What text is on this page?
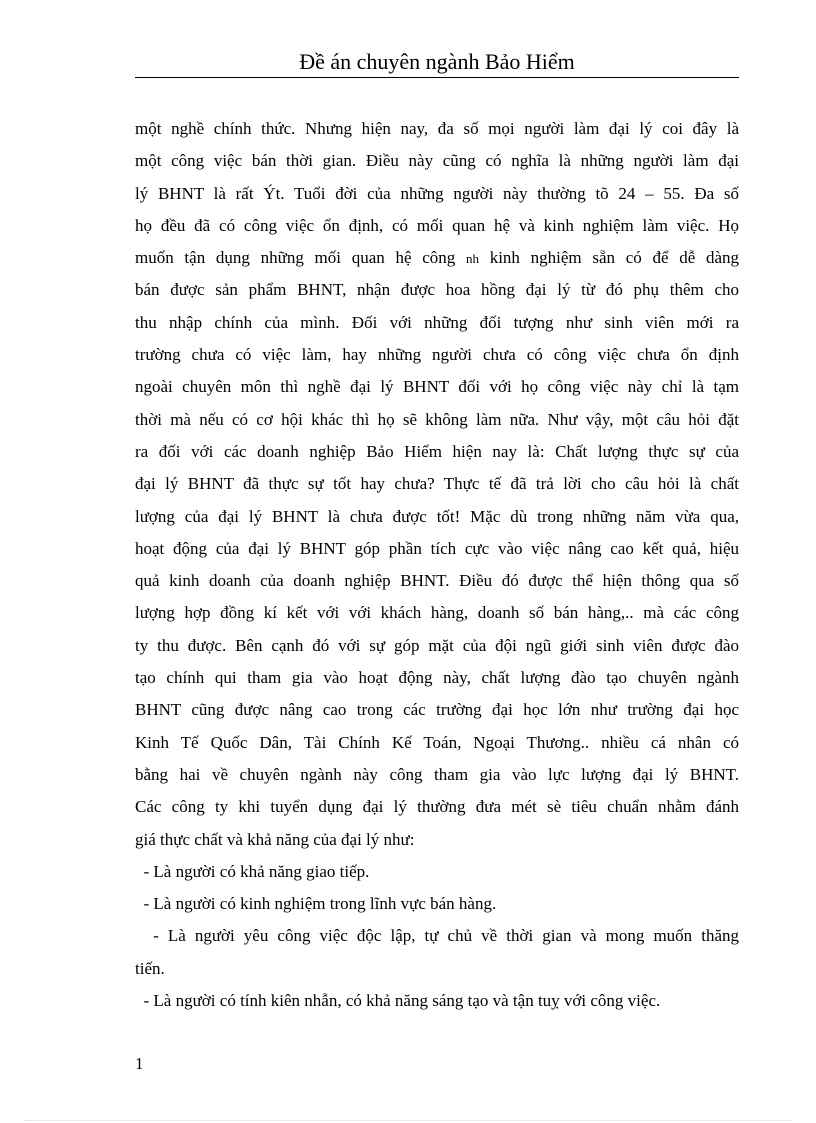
Đề án chuyên ngành Bảo Hiểm
một nghề chính thức. Nhưng hiện nay, đa số mọi người làm đại lý coi đây là
một công việc bán thời gian. Điều này cũng có nghĩa là những người làm đại
lý BHNT là rất Ýt. Tuổi đời của những người này thường tõ 24 – 55. Đa số
họ đều đã có công việc ổn định, có mối quan hệ và kinh nghiệm làm việc. Họ
muốn tận dụng những mối quan hệ công nh kinh nghiệm sẵn có để dễ dàng
bán được sản phẩm BHNT, nhận được hoa hồng đại lý từ đó phụ thêm cho
thu nhập chính của mình. Đối với những đối tượng như sinh viên mới ra
trường chưa có việc làm, hay những người chưa có công việc chưa ổn định
ngoài chuyên môn thì nghề đại lý BHNT đối với họ công việc này chỉ là tạm
thời mà nếu có cơ hội khác thì họ sẽ không làm nữa. Như vậy, một câu hỏi đặt
ra đối với các doanh nghiệp Bảo Hiểm hiện nay là: Chất lượng thực sự của
đại lý BHNT đã thực sự tốt hay chưa? Thực tế đã trả lời cho câu hỏi là chất
lượng của đại lý BHNT là chưa được tốt! Mặc dù trong những năm vừa qua,
hoạt động của đại lý BHNT góp phần tích cực vào việc nâng cao kết quả, hiệu
quả kinh doanh của doanh nghiệp BHNT. Điều đó được thể hiện thông qua số
lượng hợp đồng kí kết với với khách hàng, doanh số bán hàng,.. mà các công
ty thu được. Bên cạnh đó với sự góp mặt của đội ngũ giới sinh viên được đào
tạo chính qui tham gia vào hoạt động này, chất lượng đào tạo chuyên ngành
BHNT cũng được nâng cao trong các trường đại học lớn như trường đại học
Kinh Tế Quốc Dân, Tài Chính Kế Toán, Ngoại Thương.. nhiều cá nhân có
bằng hai về chuyên ngành này công tham gia vào lực lượng đại lý BHNT.
Các công ty khi tuyển dụng đại lý thường đưa mét sè tiêu chuẩn nhằm đánh
giá thực chất và khả năng của đại lý như:
- Là người có khả năng giao tiếp.
- Là người có kinh nghiệm trong lĩnh vực bán hàng.
- Là người yêu công việc độc lập, tự chủ về thời gian và mong muốn thăng
tiến.
- Là người có tính kiên nhẫn, có khả năng sáng tạo và tận tuỵ với công việc.
1
